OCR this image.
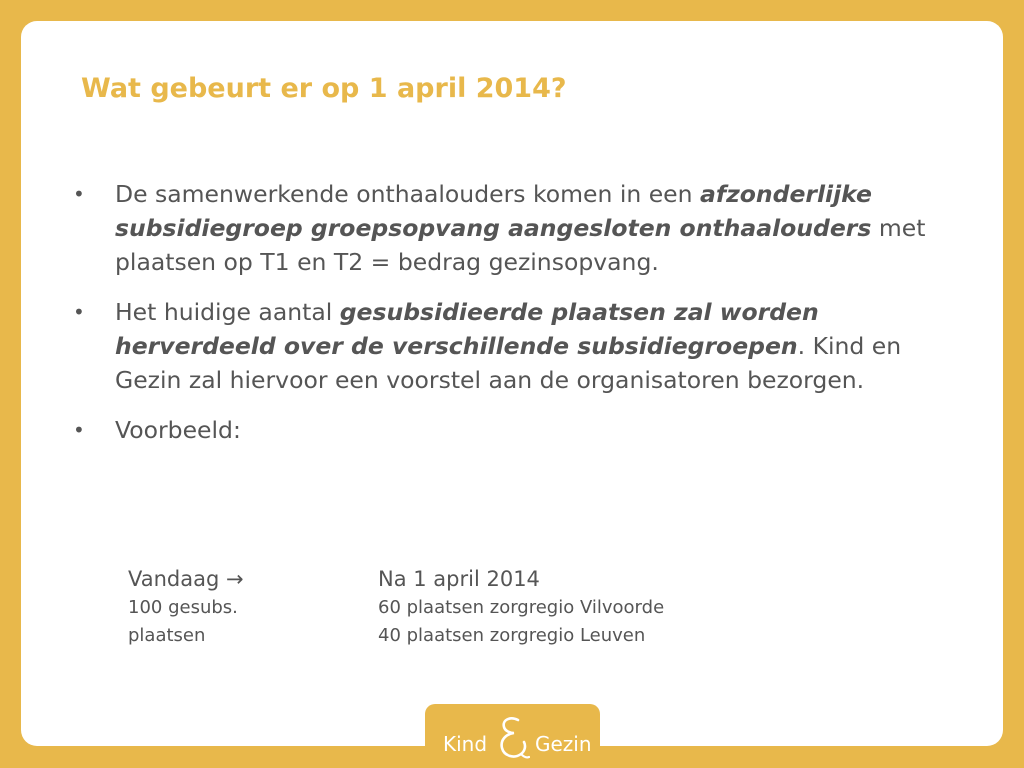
Wat gebeurt er op 1 april 2014?
• De samenwerkende onthaalouders komen in een afzonderlijke subsidiegroep groepsopvang aangesloten onthaalouders met plaatsen op T1 en T2 = bedrag gezinsopvang.
• Het huidige aantal gesubsidieerde plaatsen zal worden herverdeeld over de verschillende subsidiegroepen. Kind en Gezin zal hiervoor een voorstel aan de organisatoren bezorgen.
• Voorbeeld:
Vandaag →
100 gesubs.
plaatsen
Na 1 april 2014
60 plaatsen zorgregio Vilvoorde
40 plaatsen zorgregio Leuven
Kind Gezin
